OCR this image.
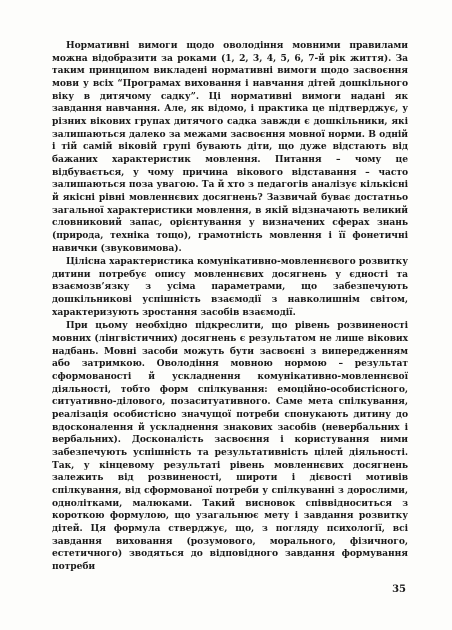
Нормативні вимоги щодо оволодіння мовними правилами можна відобразити за роками (1, 2, 3, 4, 5, 6, 7-й рік життя). За таким принципом викладені нормативні вимоги щодо засвоєння мови у всіх “Програмах виховання і навчання дітей дошкільного віку в дитячому садку”. Ці нормативні вимоги надані як завдання навчання. Але, як відомо, і практика це підтверджує, у різних вікових групах дитячого садка завжди є дошкільники, які залишаються далеко за межами засвоєння мовної норми. В одній і тій самій віковій групі бувають діти, що дуже відстають від бажаних характеристик мовлення. Питання – чому це відбувається, у чому причина вікового відставання – часто залишаються поза увагою. Та й хто з педагогів аналізує кількісні й якісні рівні мовленнєвих досягнень? Зазвичай буває достатньо загальної характеристики мовлення, в якій відзначають великий словниковий запас, орієнтування у визначених сферах знань (природа, техніка тощо), грамотність мовлення і її фонетичні навички (звуковимова).

Цілісна характеристика комунікативно-мовленнєвого розвитку дитини потребує опису мовленнєвих досягнень у єдності та взаємозв’язку з усіма параметрами, що забезпечують дошкільникові успішність взаємодії з навколишнім світом, характеризують зростання засобів взаємодії.

При цьому необхідно підкреслити, що рівень розвиненості мовних (лінгвістичних) досягнень є результатом не лише вікових надбань. Мовні засоби можуть бути засвоєні з випередженням або затримкою. Оволодіння мовною нормою – результат сформованості й ускладнення комунікативно-мовленнєвої діяльності, тобто форм спілкування: емоційно-особистісного, ситуативно-ділового, позаситуативного. Саме мета спілкування, реалізація особистісно значущої потреби спонукають дитину до вдосконалення й ускладнення знакових засобів (невербальних і вербальних). Досконалість засвоєння і користування ними забезпечують успішність та результативність цілей діяльності. Так, у кінцевому результаті рівень мовленнєвих досягнень залежить від розвиненості, широти і дієвості мотивів спілкування, від сформованої потреби у спілкуванні з дорослими, однолітками, малюками. Такий висновок співвідноситься з короткою формулою, що узагальнює мету і завдання розвитку дітей. Ця формула стверджує, що, з погляду психології, всі завдання виховання (розумового, морального, фізичного, естетичного) зводяться до відповідного завдання формування потреби

35
